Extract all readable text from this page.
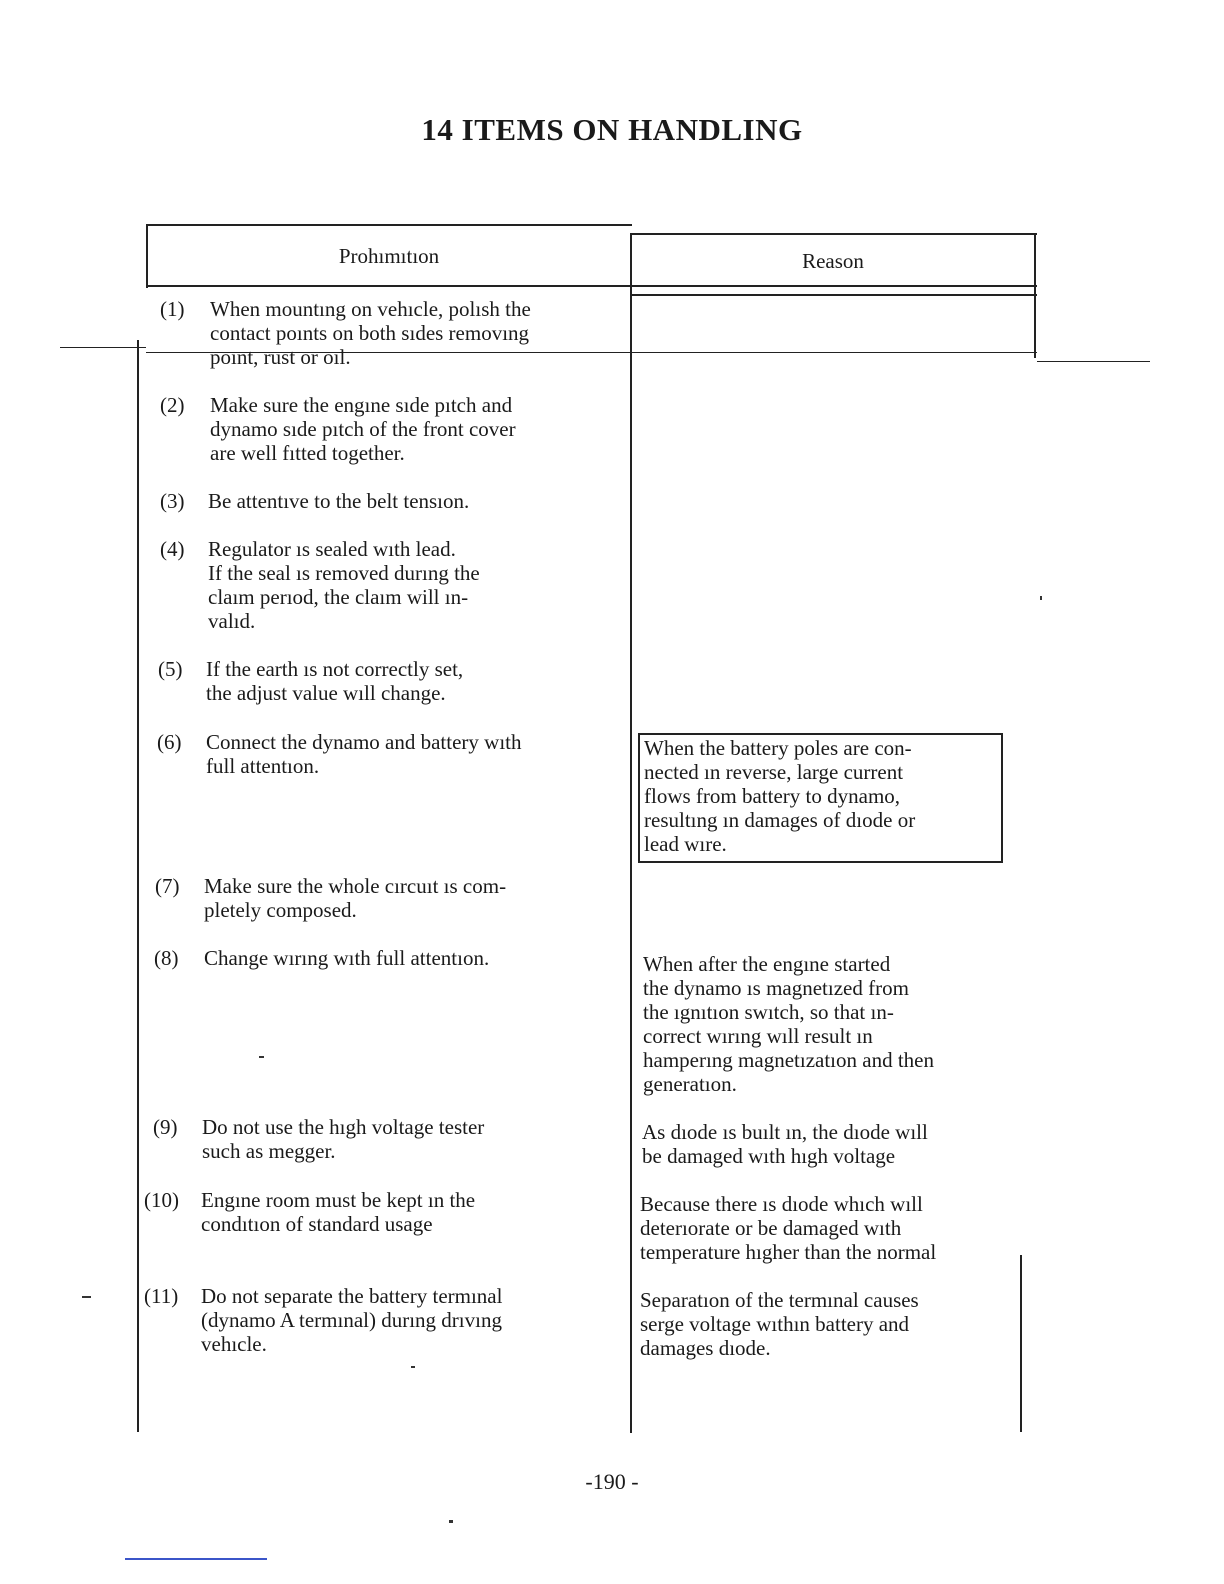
14 ITEMS ON HANDLING
Prohımıtıon	Reason
(1) When mountıng on vehıcle, polısh the
contact poınts on both sıdes removıng
poınt, rust or oıl.
(2) Make sure the engıne sıde pıtch and
dynamo sıde pıtch of the front cover
are well fıtted together.
(3) Be attentıve to the belt tensıon.
(4) Regulator ıs sealed wıth lead.
If the seal ıs removed durıng the
claım perıod, the claım will ın-
valıd.
(5) If the earth ıs not correctly set,
the adjust value wıll change.
(6) Connect the dynamo and battery wıth
full attentıon.
(7) Make sure the whole cırcuıt ıs com-
pletely composed.
(8) Change wırıng wıth full attentıon.
(9) Do not use the hıgh voltage tester
such as megger.
(10) Engıne room must be kept ın the
condıtıon of standard usage
(11) Do not separate the battery termınal
(dynamo A termınal) durıng drıvıng
vehıcle.
When the battery poles are con-
nected ın reverse, large current
flows from battery to dynamo,
resultıng ın damages of dıode or
lead wıre.
When after the engıne started
the dynamo ıs magnetızed from
the ıgnıtıon swıtch, so that ın-
correct wırıng wıll result ın
hamperıng magnetızatıon and then
generatıon.
As dıode ıs buılt ın, the dıode wıll
be damaged wıth hıgh voltage
Because there ıs dıode whıch wıll
deterıorate or be damaged wıth
temperature hıgher than the normal
Separatıon of the termınal causes
serge voltage wıthın battery and
damages dıode.
-190 -
